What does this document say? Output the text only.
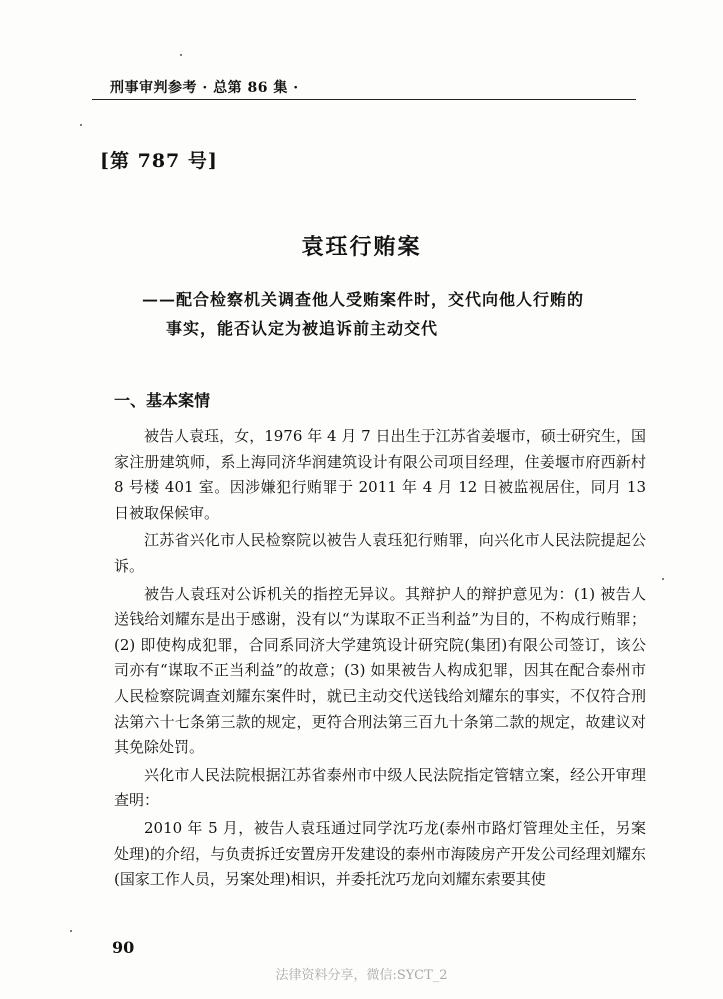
刑事审判参考 · 总第 86 集 ·
[第 787 号]
袁珏行贿案
——配合检察机关调查他人受贿案件时，交代向他人行贿的
事实，能否认定为被追诉前主动交代
一、基本案情

被告人袁珏，女，1976 年 4 月 7 日出生于江苏省姜堰市，硕士研究生，国家注册建筑师，系上海同济华润建筑设计有限公司项目经理，住姜堰市府西新村 8 号楼 401 室。因涉嫌犯行贿罪于 2011 年 4 月 12 日被监视居住，同月 13 日被取保候审。

江苏省兴化市人民检察院以被告人袁珏犯行贿罪，向兴化市人民法院提起公诉。

被告人袁珏对公诉机关的指控无异议。其辩护人的辩护意见为：(1) 被告人送钱给刘耀东是出于感谢，没有以“为谋取不正当利益”为目的，不构成行贿罪；(2) 即使构成犯罪，合同系同济大学建筑设计研究院(集团)有限公司签订，该公司亦有“谋取不正当利益”的故意；(3) 如果被告人构成犯罪，因其在配合泰州市人民检察院调查刘耀东案件时，就已主动交代送钱给刘耀东的事实，不仅符合刑法第六十七条第三款的规定，更符合刑法第三百九十条第二款的规定，故建议对其免除处罚。

兴化市人民法院根据江苏省泰州市中级人民法院指定管辖立案，经公开审理查明：

2010 年 5 月，被告人袁珏通过同学沈巧龙(泰州市路灯管理处主任，另案处理)的介绍，与负责拆迁安置房开发建设的泰州市海陵房产开发公司经理刘耀东(国家工作人员，另案处理)相识，并委托沈巧龙向刘耀东索要其使

90
法律资料分享，微信:SYCT_2
